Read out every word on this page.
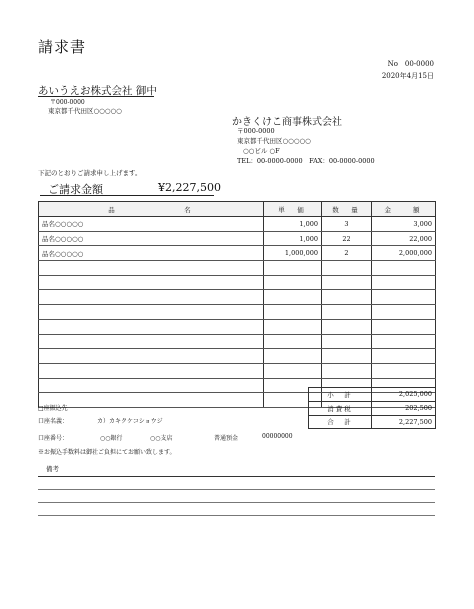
請求書
No　00-0000
2020年4月15日
あいうえお株式会社 御中
〒000-0000
東京都千代田区○○○○○
かきくけこ商事株式会社
〒000-0000
東京都千代田区○○○○○
○○ビル ○F
TEL：00-0000-0000　FAX：00-0000-0000
下記のとおりご請求申し上げます。
ご請求金額	¥2,227,500
品　　　　　　　名	単　価	数　量	金　　額
品名○○○○○	1,000	3	3,000
品名○○○○○	1,000	22	22,000
品名○○○○○	1,000,000	2	2,000,000

小　計	2,025,000
消費税	202,500
合　計	2,227,500
□座振込先
口座名義：	カ）カキクケコショウジ
口座番号：	○○銀行	○○支店	普通預金	00000000
※お振込手数料は御社ご負担にてお願い致します。
備考
